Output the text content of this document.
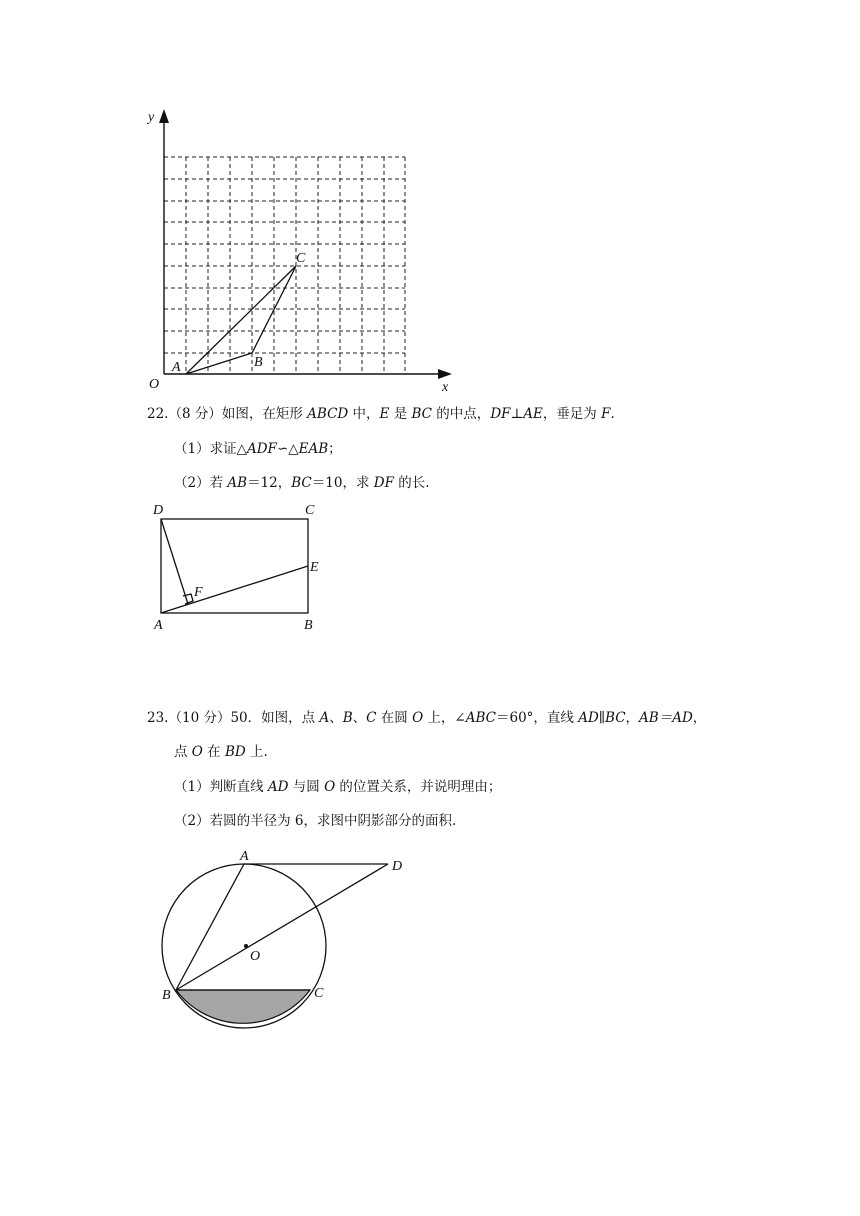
y
x
O
A	B
C
22.（8 分）如图，在矩形 ABCD 中，E 是 BC 的中点，DF⊥AE，垂足为 F.
（1）求证△ADF∽△EAB；
（2）若 AB＝12，BC＝10，求 DF 的长.
D	C
E
F
A	B
23.（10 分）50．如图，点 A、B、C 在圆 O 上，∠ABC＝60°，直线 AD∥BC，AB＝AD，
点 O 在 BD 上.
（1）判断直线 AD 与圆 O 的位置关系，并说明理由；
（2）若圆的半径为 6，求图中阴影部分的面积.
A
D
O
B	C
